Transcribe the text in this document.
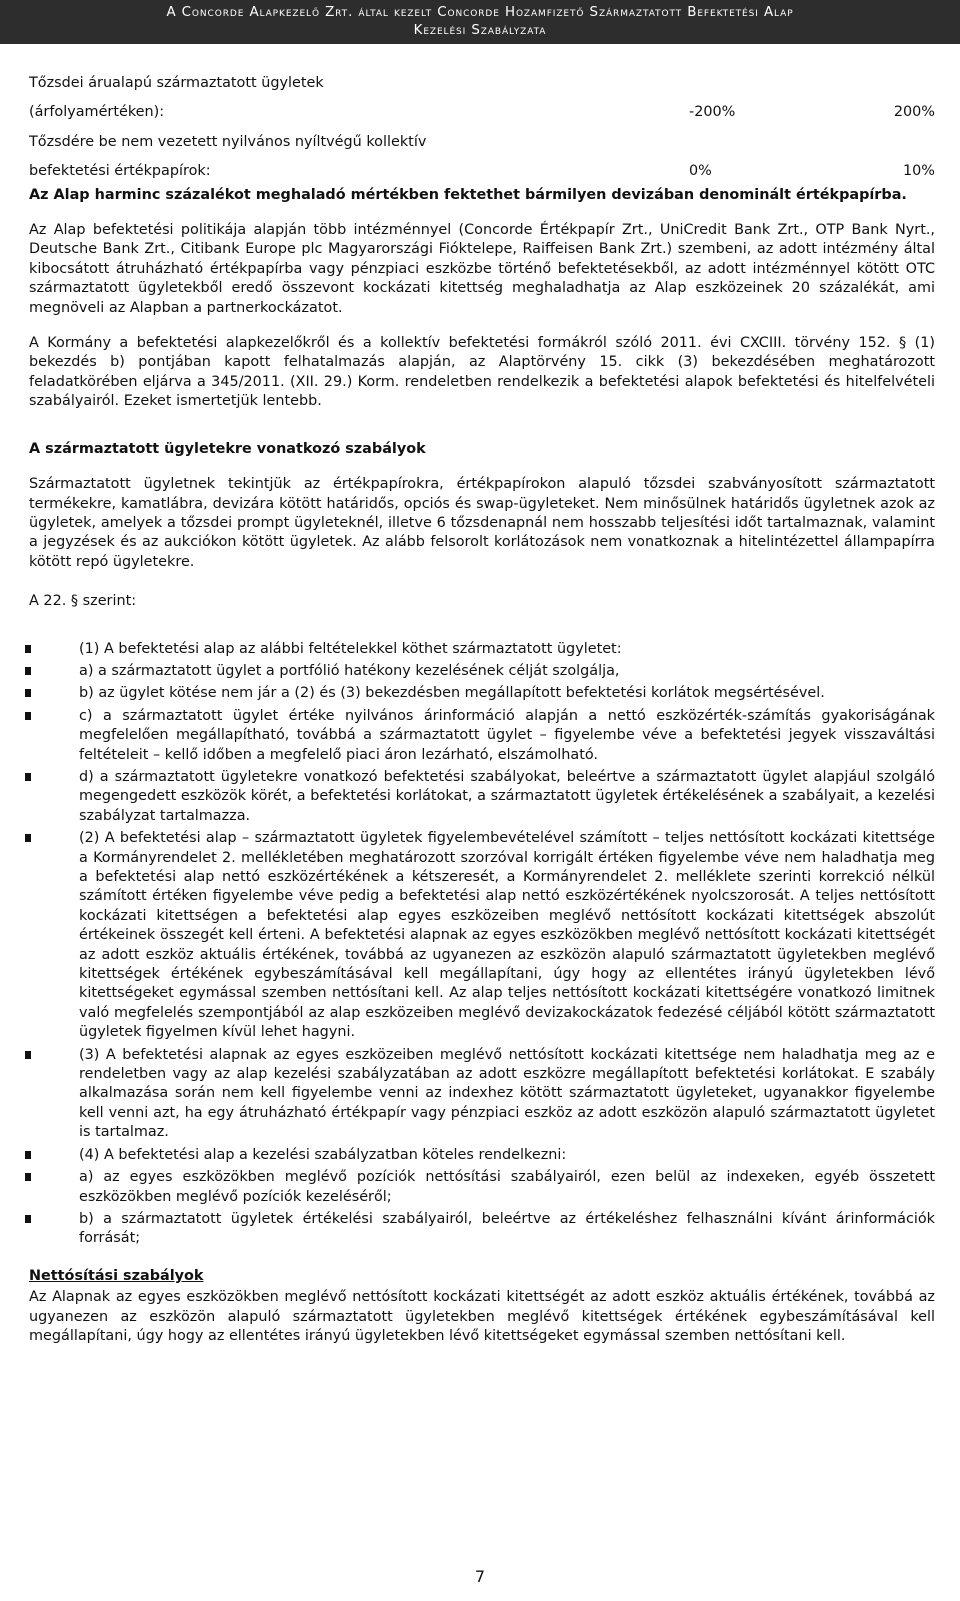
A Concorde Alapkezelő Zrt. által kezelt Concorde Hozamfizető Származtatott Befektetési Alap
Kezelési Szabályzata
Tőzsdei árualapú származtatott ügyletek
(árfolyamértéken):	-200%	200%
Tőzsdére be nem vezetett nyilvános nyíltvégű kollektív
befektetési értékpapírok:	0%	10%

Az Alap harminc százalékot meghaladó mértékben fektethet bármilyen devizában denominált értékpapírba.

Az Alap befektetési politikája alapján több intézménnyel (Concorde Értékpapír Zrt., UniCredit Bank Zrt., OTP Bank Nyrt., Deutsche Bank Zrt., Citibank Europe plc Magyarországi Fióktelepe, Raiffeisen Bank Zrt.) szembeni, az adott intézmény által kibocsátott átruházható értékpapírba vagy pénzpiaci eszközbe történő befektetésekből, az adott intézménnyel kötött OTC származtatott ügyletekből eredő összevont kockázati kitettség meghaladhatja az Alap eszközeinek 20 százalékát, ami megnöveli az Alapban a partnerkockázatot.

A Kormány a befektetési alapkezelőkről és a kollektív befektetési formákról szóló 2011. évi CXCIII. törvény 152. § (1) bekezdés b) pontjában kapott felhatalmazás alapján, az Alaptörvény 15. cikk (3) bekezdésében meghatározott feladatkörében eljárva a 345/2011. (XII. 29.) Korm. rendeletben rendelkezik a befektetési alapok befektetési és hitelfelvételi szabályairól. Ezeket ismertetjük lentebb.

A származtatott ügyletekre vonatkozó szabályok

Származtatott ügyletnek tekintjük az értékpapírokra, értékpapírokon alapuló tőzsdei szabványosított származtatott termékekre, kamatlábra, devizára kötött határidős, opciós és swap-ügyleteket. Nem minősülnek határidős ügyletnek azok az ügyletek, amelyek a tőzsdei prompt ügyleteknél, illetve 6 tőzsdenapnál nem hosszabb teljesítési időt tartalmaznak, valamint a jegyzések és az aukciókon kötött ügyletek. Az alább felsorolt korlátozások nem vonatkoznak a hitelintézettel állampapírra kötött repó ügyletekre.

A 22. § szerint:

(1) A befektetési alap az alábbi feltételekkel köthet származtatott ügyletet:
a) a származtatott ügylet a portfólió hatékony kezelésének célját szolgálja,
b) az ügylet kötése nem jár a (2) és (3) bekezdésben megállapított befektetési korlátok megsértésével.
c) a származtatott ügylet értéke nyilvános árinformáció alapján a nettó eszközérték-számítás gyakoriságának megfelelően megállapítható, továbbá a származtatott ügylet – figyelembe véve a befektetési jegyek visszaváltási feltételeit – kellő időben a megfelelő piaci áron lezárható, elszámolható.
d) a származtatott ügyletekre vonatkozó befektetési szabályokat, beleértve a származtatott ügylet alapjául szolgáló megengedett eszközök körét, a befektetési korlátokat, a származtatott ügyletek értékelésének a szabályait, a kezelési szabályzat tartalmazza.
(2) A befektetési alap – származtatott ügyletek figyelembevételével számított – teljes nettósított kockázati kitettsége a Kormányrendelet 2. mellékletében meghatározott szorzóval korrigált értéken figyelembe véve nem haladhatja meg a befektetési alap nettó eszközértékének a kétszeresét, a Kormányrendelet 2. melléklete szerinti korrekció nélkül számított értéken figyelembe véve pedig a befektetési alap nettó eszközértékének nyolcszorosát. A teljes nettósított kockázati kitettségen a befektetési alap egyes eszközeiben meglévő nettósított kockázati kitettségek abszolút értékeinek összegét kell érteni. A befektetési alapnak az egyes eszközökben meglévő nettósított kockázati kitettségét az adott eszköz aktuális értékének, továbbá az ugyanezen az eszközön alapuló származtatott ügyletekben meglévő kitettségek értékének egybeszámításával kell megállapítani, úgy hogy az ellentétes irányú ügyletekben lévő kitettségeket egymással szemben nettósítani kell. Az alap teljes nettósított kockázati kitettségére vonatkozó limitnek való megfelelés szempontjából az alap eszközeiben meglévő devizakockázatok fedezésé céljából kötött származtatott ügyletek figyelmen kívül lehet hagyni.
(3) A befektetési alapnak az egyes eszközeiben meglévő nettósított kockázati kitettsége nem haladhatja meg az e rendeletben vagy az alap kezelési szabályzatában az adott eszközre megállapított befektetési korlátokat. E szabály alkalmazása során nem kell figyelembe venni az indexhez kötött származtatott ügyleteket, ugyanakkor figyelembe kell venni azt, ha egy átruházható értékpapír vagy pénzpiaci eszköz az adott eszközön alapuló származtatott ügyletet is tartalmaz.
(4) A befektetési alap a kezelési szabályzatban köteles rendelkezni:
a) az egyes eszközökben meglévő pozíciók nettósítási szabályairól, ezen belül az indexeken, egyéb összetett eszközökben meglévő pozíciók kezeléséről;
b) a származtatott ügyletek értékelési szabályairól, beleértve az értékeléshez felhasználni kívánt árinformációk forrását;

Nettósítási szabályok

Az Alapnak az egyes eszközökben meglévő nettósított kockázati kitettségét az adott eszköz aktuális értékének, továbbá az ugyanezen az eszközön alapuló származtatott ügyletekben meglévő kitettségek értékének egybeszámításával kell megállapítani, úgy hogy az ellentétes irányú ügyletekben lévő kitettségeket egymással szemben nettósítani kell.

7
